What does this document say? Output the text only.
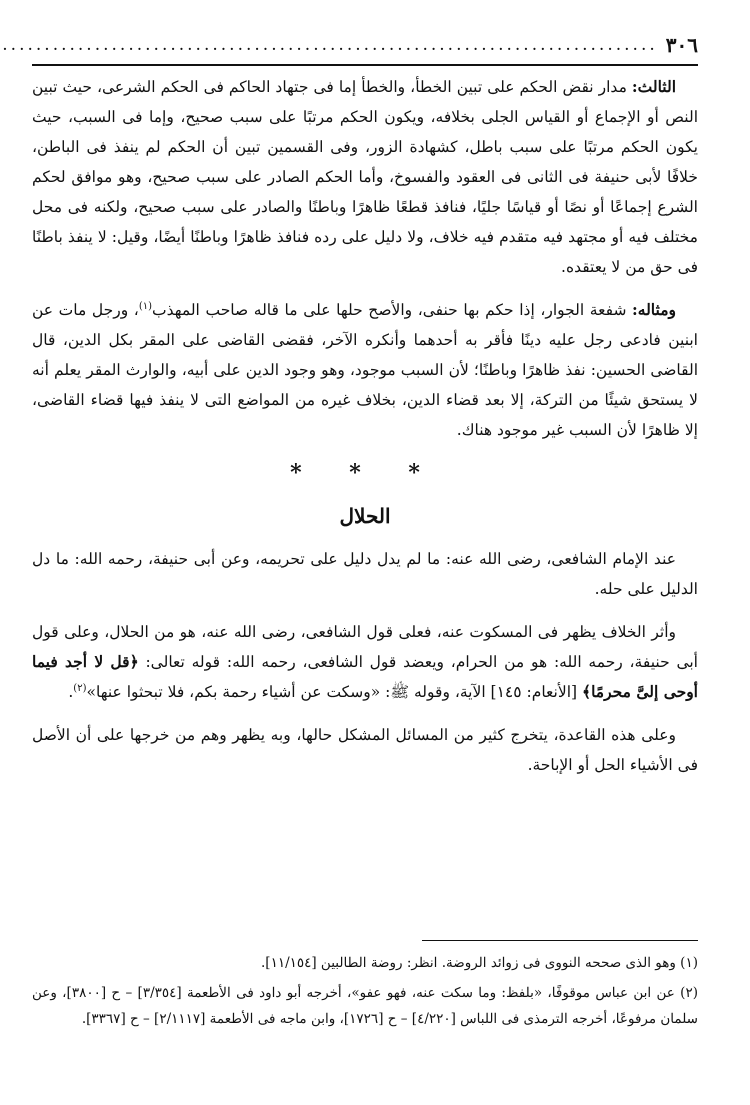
٣٠٦
..............................................................................

الثالث: مدار نقض الحكم على تبين الخطأ، والخطأ إما فى جتهاد الحاكم فى الحكم الشرعى، حيث تبين النص أو الإجماع أو القياس الجلى بخلافه، ويكون الحكم مرتبًا على سبب صحيح، وإما فى السبب، حيث يكون الحكم مرتبًا على سبب باطل، كشهادة الزور، وفى القسمين تبين أن الحكم لم ينفذ فى الباطن، خلافًا لأبى حنيفة فى الثانى فى العقود والفسوخ، وأما الحكم الصادر على سبب صحيح، وهو موافق لحكم الشرع إجماعًا أو نصًا أو قياسًا جليًا، فنافذ قطعًا ظاهرًا وباطنًا والصادر على سبب صحيح، ولكنه فى محل مختلف فيه أو مجتهد فيه متقدم فيه خلاف، ولا دليل على رده فنافذ ظاهرًا وباطنًا أيضًا، وقيل: لا ينفذ باطنًا فى حق من لا يعتقده.

ومثاله: شفعة الجوار، إذا حكم بها حنفى، والأصح حلها على ما قاله صاحب المهذب$^{(١)}$، ورجل مات عن ابنين فادعى رجل عليه دينًا فأقر به أحدهما وأنكره الآخر، فقضى القاضى على المقر بكل الدين، قال القاضى الحسين: نفذ ظاهرًا وباطنًا؛ لأن السبب موجود، وهو وجود الدين على أبيه، والوارث المقر يعلم أنه لا يستحق شيئًا من التركة، إلا بعد قضاء الدين، بخلاف غيره من المواضع التى لا ينفذ فيها قضاء القاضى، إلا ظاهرًا لأن السبب غير موجود هناك.

* * *

الحلال

عند الإمام الشافعى، رضى الله عنه: ما لم يدل دليل على تحريمه، وعن أبى حنيفة، رحمه الله: ما دل الدليل على حله.

وأثر الخلاف يظهر فى المسكوت عنه، فعلى قول الشافعى، رضى الله عنه، هو من الحلال، وعلى قول أبى حنيفة، رحمه الله: هو من الحرام، ويعضد قول الشافعى، رحمه الله: قوله تعالى: ﴿قل لا أجد فيما أوحى إلىَّ محرمًا﴾ [الأنعام: ١٤٥] الآية، وقوله ﷺ: «وسكت عن أشياء رحمة بكم، فلا تبحثوا عنها»$^{(٢)}$.

وعلى هذه القاعدة، يتخرج كثير من المسائل المشكل حالها، وبه يظهر وهم من خرجها على أن الأصل فى الأشياء الحل أو الإباحة.

(١) وهو الذى صححه النووى فى زوائد الروضة. انظر: روضة الطالبين [١١/١٥٤].
(٢) عن ابن عباس موقوفًا، «بلفظ: وما سكت عنه، فهو عفو»، أخرجه أبو داود فى الأطعمة [٣/٣٥٤] – ح [٣٨٠٠]، وعن سلمان مرفوعًا، أخرجه الترمذى فى اللباس [٤/٢٢٠] – ح [١٧٢٦]، وابن ماجه فى الأطعمة [٢/١١١٧] – ح [٣٣٦٧].
